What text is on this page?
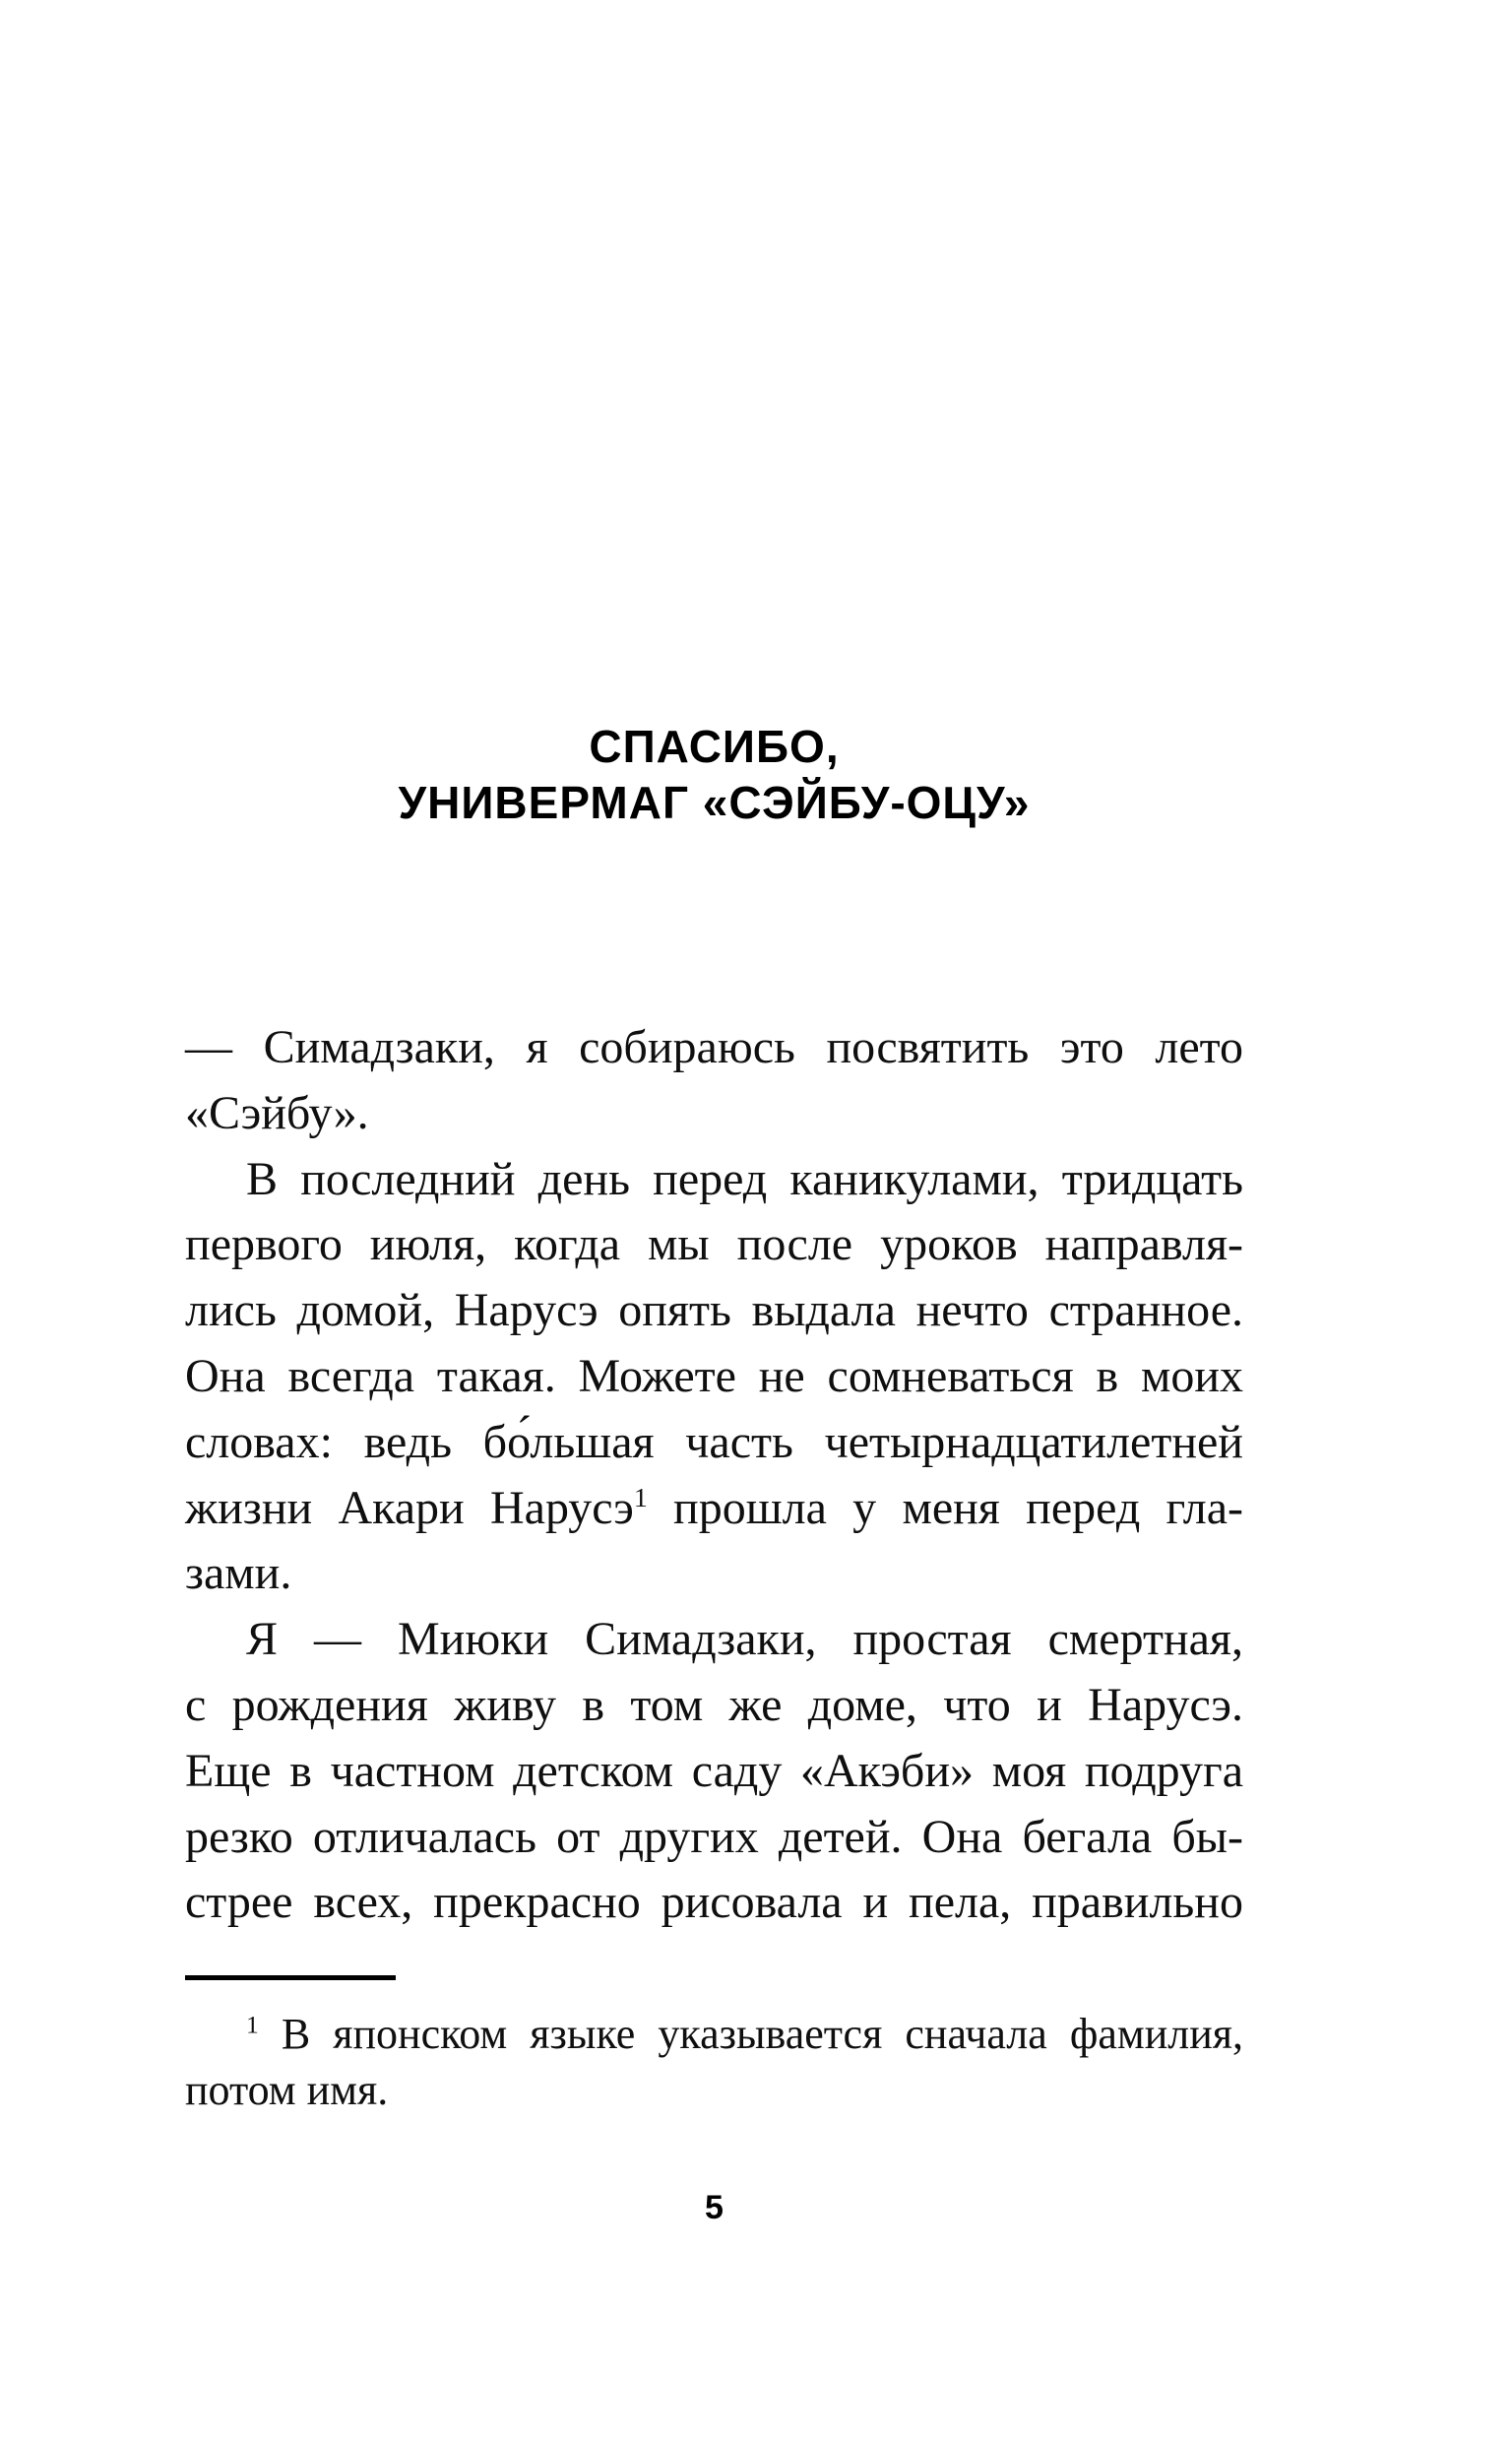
СПАСИБО,
УНИВЕРМАГ «СЭЙБУ-ОЦУ»
— Симадзаки, я собираюсь посвятить это лето
«Сэйбу».
В последний день перед каникулами, тридцать
первого июля, когда мы после уроков направля-
лись домой, Нарусэ опять выдала нечто странное.
Она всегда такая. Можете не сомневаться в моих
словах: ведь бо́льшая часть четырнадцатилетней
жизни Акари Нарусэ$^1$ прошла у меня перед гла-
зами.
Я — Миюки Симадзаки, простая смертная,
с рождения живу в том же доме, что и Нарусэ.
Еще в частном детском саду «Акэби» моя подруга
резко отличалась от других детей. Она бегала бы-
стрее всех, прекрасно рисовала и пела, правильно
$^1$ В японском языке указывается сначала фамилия,
потом имя.
5
